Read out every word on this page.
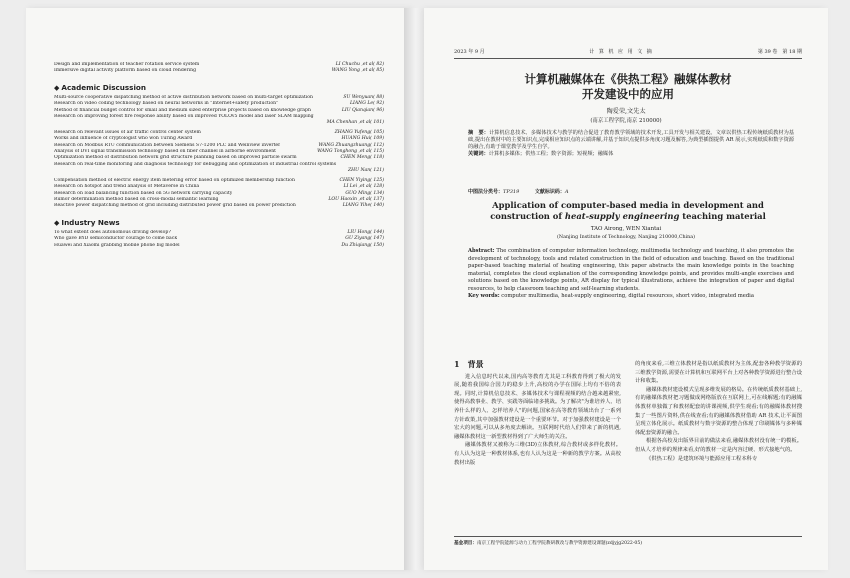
Design and implementation of teacher rotation service system	LI Chuchu ,et al( 82)
Immersive digital activity platform based on cloud rendering	WANG Yong ,et al( 85)
◆ Academic Discussion
Multi-source cooperative dispatching method of active distribution network based on multi-target optimization	SU Wenyuan( 88)
Research on video coding technology based on neural networks in "Internet+safety production"	LIANG Le( 92)
Method of financial budget control for small and medium sized enterprise projects based on knowledge graph	LIU Qianqian( 96)
Research on improving forest fire response ability based on improved YOLOv5 model and laser SLAM mapping
MA Chenhan ,et al( 101)
Research on relevant issues of air traffic control center system	ZHANG Yufeng( 105)
Works and influence of cryptologist who won Turing Award	HUANG Hui( 109)
Research on Modbus RTU communication between Siemens S7-1200 PLC and Weinview inverter	WANG Zhuangzhuang( 112)
Analysis of DVI signal transmission technology based on fiber channel in airborne environment	WANG Tonghong ,et al( 115)
Optimization method of distribution network grid structure planning based on improved particle swarm	CHEN Meng( 118)
Research on real-time monitoring and diagnosis technology for debugging and optimization of industrial control systems
ZHU Nan( 121)
Compensation method of electric energy item metering error based on optimized membership function	CHEN Yiying( 125)
Research on hotspot and trend analysis of Metaverse in China	LI Lei ,et al( 128)
Research on load balancing function based on 5G network carrying capacity	GUO Ming( 134)
Rumor determination method based on cross-modal semantic learning	LOU Haoxin ,et al( 137)
Reactive power dispatching method of grid including distributed power grid based on power prediction	LIANG Yihe( 140)
◆ Industry News
To what extent does autonomous driving develop?	LIU Hong( 144)
Who gave BYD semiconductor courage to come back	GU Ziyang( 147)
Huawei and Xiaomi grabbing mobile phone big model	Du Zhiqiang( 150)
2023 年 9 月	计 算 机 应 用 文 摘	第 39 卷　第 18 期
计算机融媒体在《供热工程》融媒体教材
开发建设中的应用
陶爱荣,文先太
(南京工程学院,南京 210000)
摘　要：计算机信息技术、多媒体技术与教学的结合促进了教育教学领域的技术开发,工具开发与相关建设。文章以供热工程传统纸质教材为基础,提出在教材中的主要知识点,完成相应知识点的云端讲解,并基于知识点提供多角度习题及解答,为典型插图提供 AR 展示,实现纸质和数字资源的融合,有助于课堂教学及学生自学。
关键词：计算机多媒体；供热工程；数字资源；短视频；融媒体
中图法分类号：TP319	文献标识码：A
Application of computer-based media in development and
construction of heat-supply engineering teaching material
TAO Airong, WEN Xiantai
(Nanjing Institute of Technology, Nanjing 210000,China)
Abstract: The combination of computer information technology, multimedia technology and teaching, it also promotes the development of technology, tools and related construction in the field of education and teaching. Based on the traditional paper-based teaching material of heating engineering, this paper abstracts the main knowledge points in the teaching material, completes the cloud explanation of the corresponding knowledge points, and provides multi-angle exercises and solutions based on the knowledge points, AR display for typical illustrations, achieve the integration of paper and digital resources, to help classroom teaching and self-learning students.
Key words: computer multimedia, heat-supply engineering, digital resources, short video, integrated media
1 背景

进入信息时代以来,国内高等教育尤其是工科教育得到了极大的发展,随着我国综合国力的稳步上升,高校的办学在国际上均有不俗的表现。同时,计算机信息技术、多媒体技术与课程视频的结合越来越紧密,使得高教事业、教学、实践等面临诸多挑战。为了解决"为谁培养人、培养什么样的人、怎样培养人"的问题,国家在高等教育领域出台了一系列方针政策,其中加强教材建设是一个重要环节。对于加强教材建设是一个宏大的问题,可以从多角度去解读。互联网时代给人们带来了新的机遇,融媒体教材这一新型教材得到了广大师生的关注。

融媒体教材又被称为三维(3D)立体教材,综合教材或多样化教材。有人认为这是一种教材体系,也有人认为这是一种新的教学方案。从高校教材出版

的角度来看,三维立体教材是指以纸质教材为主体,配套各种教学资源的三维教学资源,需要在计算机和互联网平台上对各种教学资源进行整合设计和收集。

融媒体教材建设模式呈现多维发展的格局。在传统纸质教材基础上,有的融媒体教材把习题做成网络版放在互联网上,可在线解题;有的融媒体教材单独做了和教材配套的讲课视频,供学生观看;有的融媒体教材搜集了一些图片资料,供在线查看;有的融媒体教材借助 AR 技术,让平面图呈现立体化展示。纸质教材与数字资源的整合体现了印刷媒体与多种媒体配套资源的融合。

根据各高校及出版界目前的做法来看,融媒体教材没有统一的模板。但从人才培养的规律来看,好的教材一定是内容过硬、形式接地气的。

《供热工程》是建筑环境与能源应用工程本科专

基金项目：南京工程学院能源与动力工程学院教研教改与教学资源建设课题(zdjyjg2022-05)
